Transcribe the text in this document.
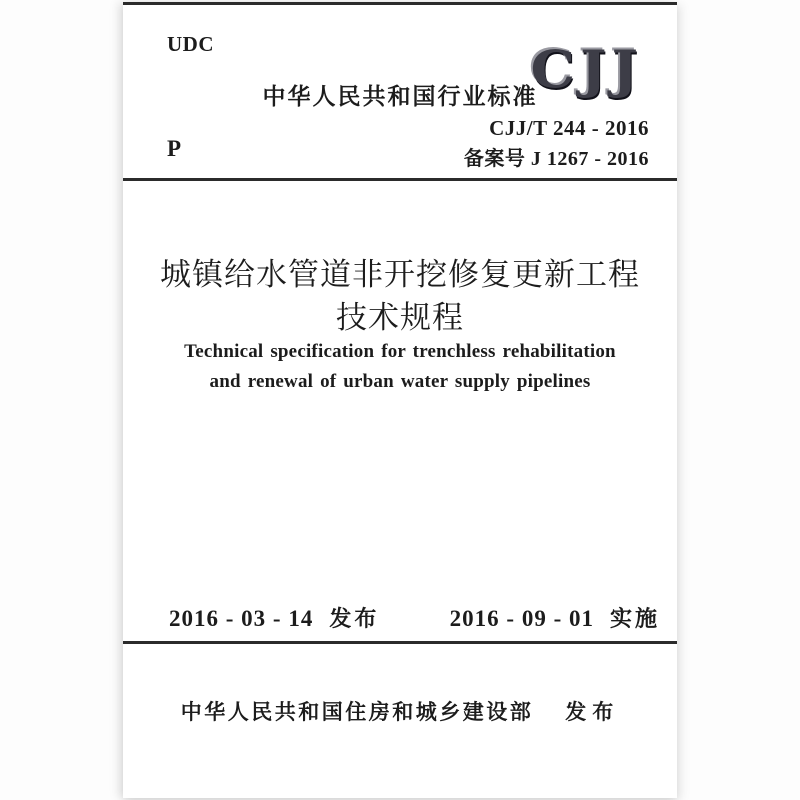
UDC
中华人民共和国行业标准
CJJ
CJJ/T 244 - 2016
备案号 J 1267 - 2016
P
城镇给水管道非开挖修复更新工程
技术规程
Technical specification for trenchless rehabilitation
and renewal of urban water supply pipelines
2016 - 03 - 14 发布	2016 - 09 - 01 实施
中华人民共和国住房和城乡建设部 发布
